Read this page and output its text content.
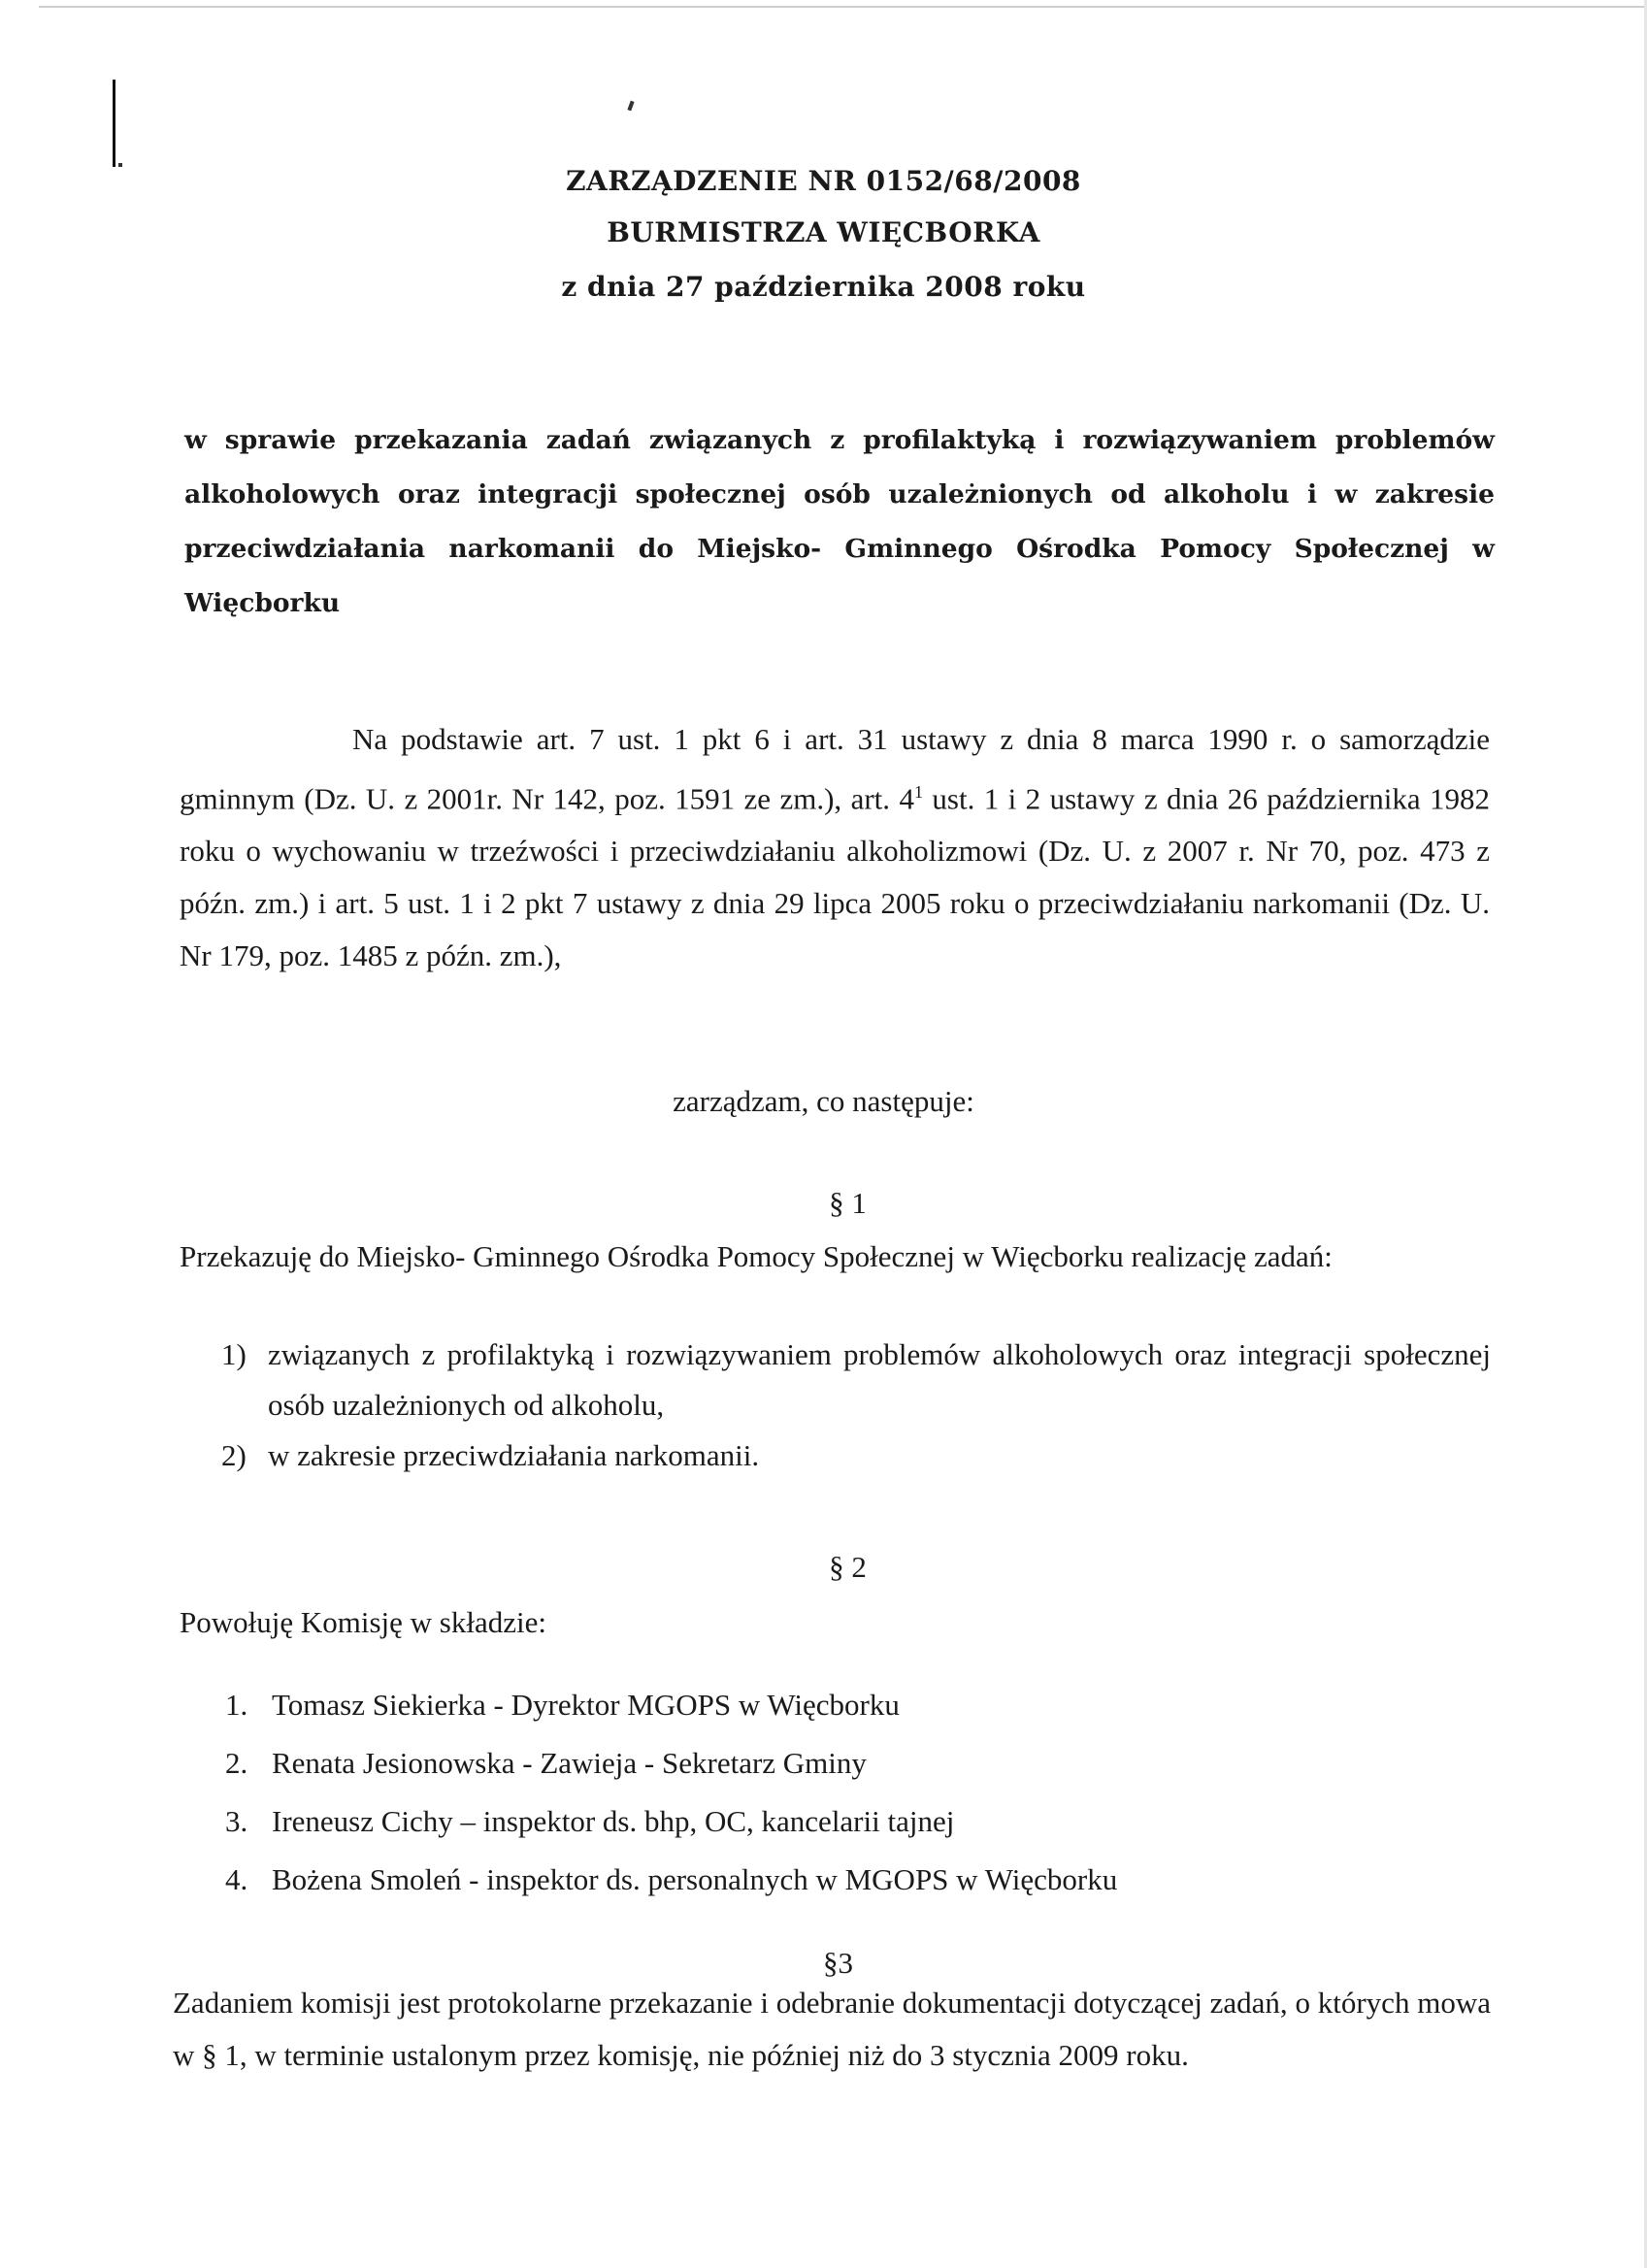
ZARZĄDZENIE NR 0152/68/2008
BURMISTRZA WIĘCBORKA
z dnia 27 października 2008 roku
w sprawie przekazania zadań związanych z profilaktyką i rozwiązywaniem problemów alkoholowych oraz integracji społecznej osób uzależnionych od alkoholu i w zakresie przeciwdziałania narkomanii do Miejsko- Gminnego Ośrodka Pomocy Społecznej w Więcborku
Na podstawie art. 7 ust. 1 pkt 6 i art. 31 ustawy z dnia 8 marca 1990 r. o samorządzie gminnym (Dz. U. z 2001r. Nr 142, poz. 1591 ze zm.), art. $4^1$ ust. 1 i 2 ustawy z dnia 26 października 1982 roku o wychowaniu w trzeźwości i przeciwdziałaniu alkoholizmowi (Dz. U. z 2007 r. Nr 70, poz. 473 z późn. zm.) i art. 5 ust. 1 i 2 pkt 7 ustawy z dnia 29 lipca 2005 roku o przeciwdziałaniu narkomanii (Dz. U. Nr 179, poz. 1485 z późn. zm.),
zarządzam, co następuje:
§ 1
Przekazuję do Miejsko- Gminnego Ośrodka Pomocy Społecznej w Więcborku realizację zadań:
1) związanych z profilaktyką i rozwiązywaniem problemów alkoholowych oraz integracji społecznej osób uzależnionych od alkoholu,
2) w zakresie przeciwdziałania narkomanii.
§ 2
Powołuję Komisję w składzie:
1. Tomasz Siekierka - Dyrektor MGOPS w Więcborku
2. Renata Jesionowska - Zawieja - Sekretarz Gminy
3. Ireneusz Cichy – inspektor ds. bhp, OC, kancelarii tajnej
4. Bożena Smoleń - inspektor ds. personalnych w MGOPS w Więcborku
§3
Zadaniem komisji jest protokolarne przekazanie i odebranie dokumentacji dotyczącej zadań, o których mowa w § 1, w terminie ustalonym przez komisję, nie później niż do 3 stycznia 2009 roku.
